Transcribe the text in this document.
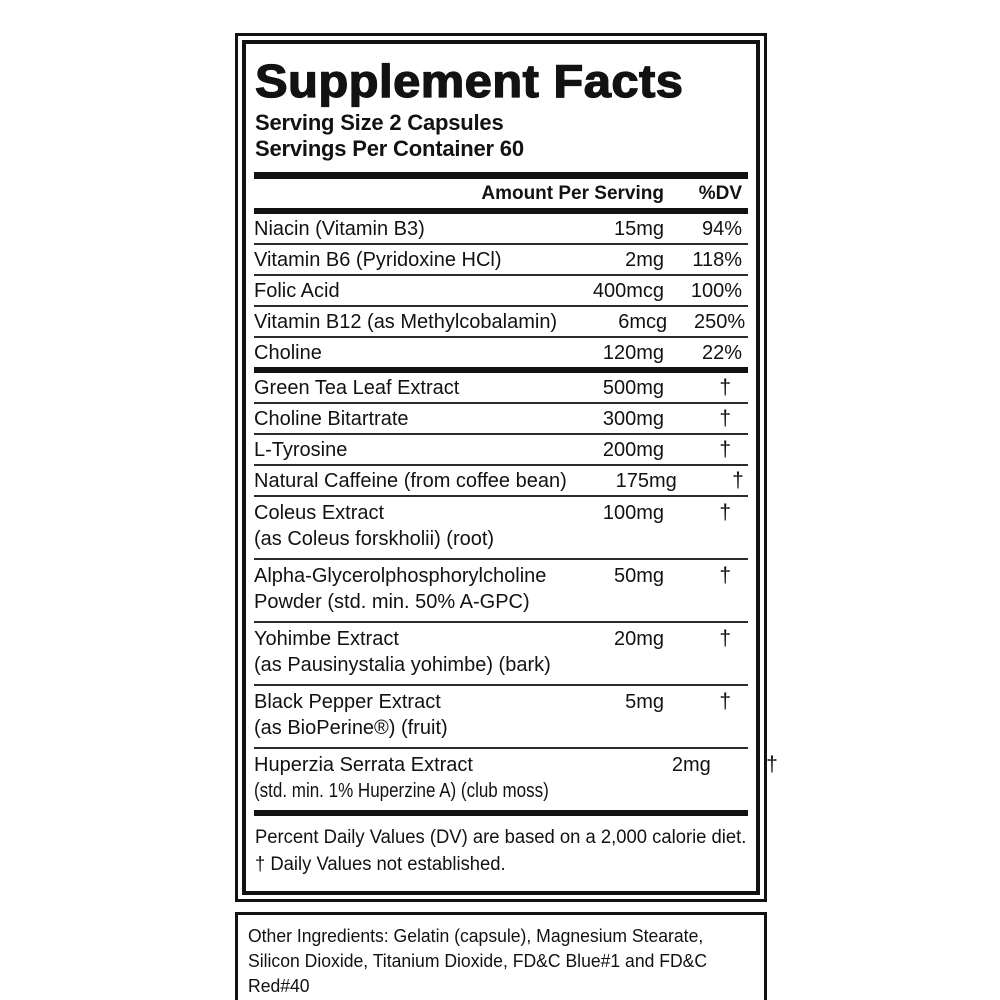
Supplement Facts
Serving Size 2 Capsules
Servings Per Container 60
Amount Per Serving	%DV
Niacin (Vitamin B3)	15mg	94%
Vitamin B6 (Pyridoxine HCl)	2mg	118%
Folic Acid	400mcg	100%
Vitamin B12 (as Methylcobalamin)	6mcg	250%
Choline	120mg	22%
Green Tea Leaf Extract	500mg	†
Choline Bitartrate	300mg	†
L-Tyrosine	200mg	†
Natural Caffeine (from coffee bean)	175mg	†
Coleus Extract
(as Coleus forskholii) (root)
100mg	†
Alpha-Glycerolphosphorylcholine
Powder (std. min. 50% A-GPC)
50mg	†
Yohimbe Extract
(as Pausinystalia yohimbe) (bark)
20mg	†
Black Pepper Extract
(as BioPerine®) (fruit)
5mg	†
Huperzia Serrata Extract
(std. min. 1% Huperzine A) (club moss)
2mg	†
Percent Daily Values (DV) are based on a 2,000 calorie diet.
† Daily Values not established.
Other Ingredients: Gelatin (capsule), Magnesium Stearate, Silicon Dioxide, Titanium Dioxide, FD&C Blue#1 and FD&C Red#40
